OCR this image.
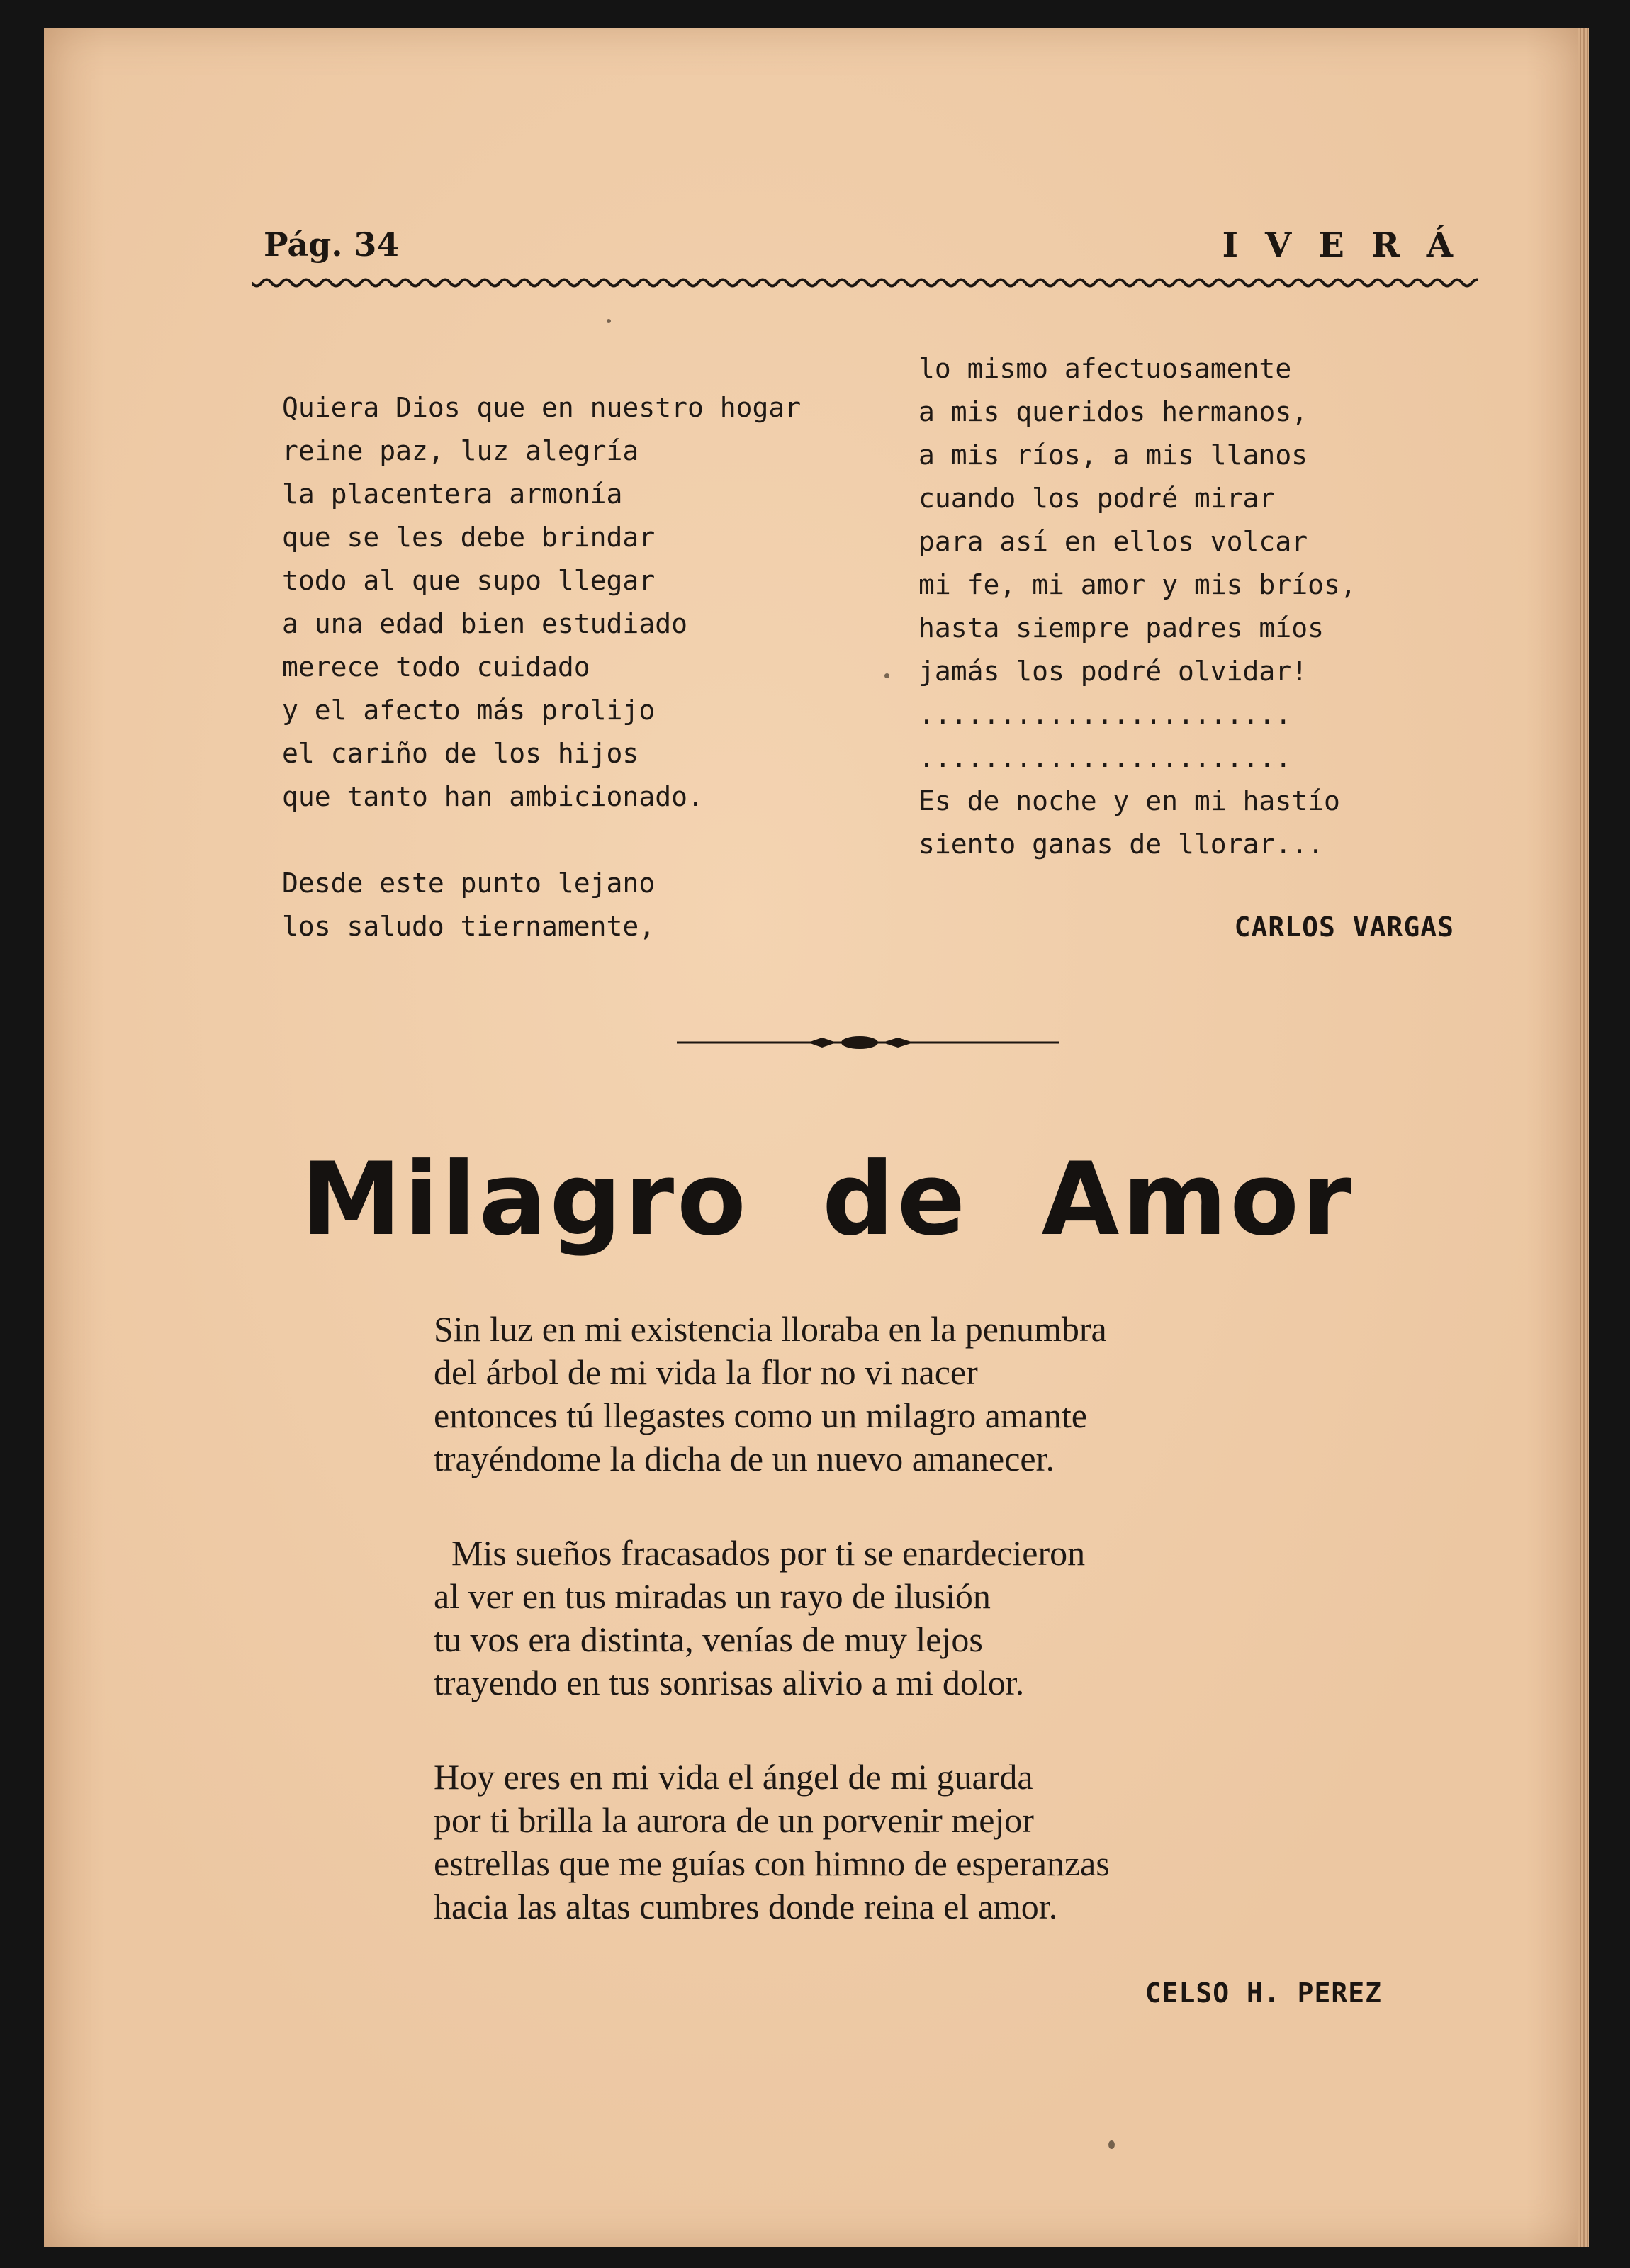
Pág. 34	IVERÁ
Quiera Dios que en nuestro hogar
reine paz, luz alegría
la placentera armonía
que se les debe brindar
todo al que supo llegar
a una edad bien estudiado
merece todo cuidado
y el afecto más prolijo
el cariño de los hijos
que tanto han ambicionado.
Desde este punto lejano
los saludo tiernamente,
lo mismo afectuosamente
a mis queridos hermanos,
a mis ríos, a mis llanos
cuando los podré mirar
para así en ellos volcar
mi fe, mi amor y mis bríos,
hasta siempre padres míos
jamás los podré olvidar!
.......................
.......................
Es de noche y en mi hastío
siento ganas de llorar...
CARLOS VARGAS
Milagro de Amor
Sin luz en mi existencia lloraba en la penumbra
del árbol de mi vida la flor no vi nacer
entonces tú llegastes como un milagro amante
trayéndome la dicha de un nuevo amanecer.
Mis sueños fracasados por ti se enardecieron
al ver en tus miradas un rayo de ilusión
tu vos era distinta, venías de muy lejos
trayendo en tus sonrisas alivio a mi dolor.
Hoy eres en mi vida el ángel de mi guarda
por ti brilla la aurora de un porvenir mejor
estrellas que me guías con himno de esperanzas
hacia las altas cumbres donde reina el amor.
CELSO H. PEREZ
